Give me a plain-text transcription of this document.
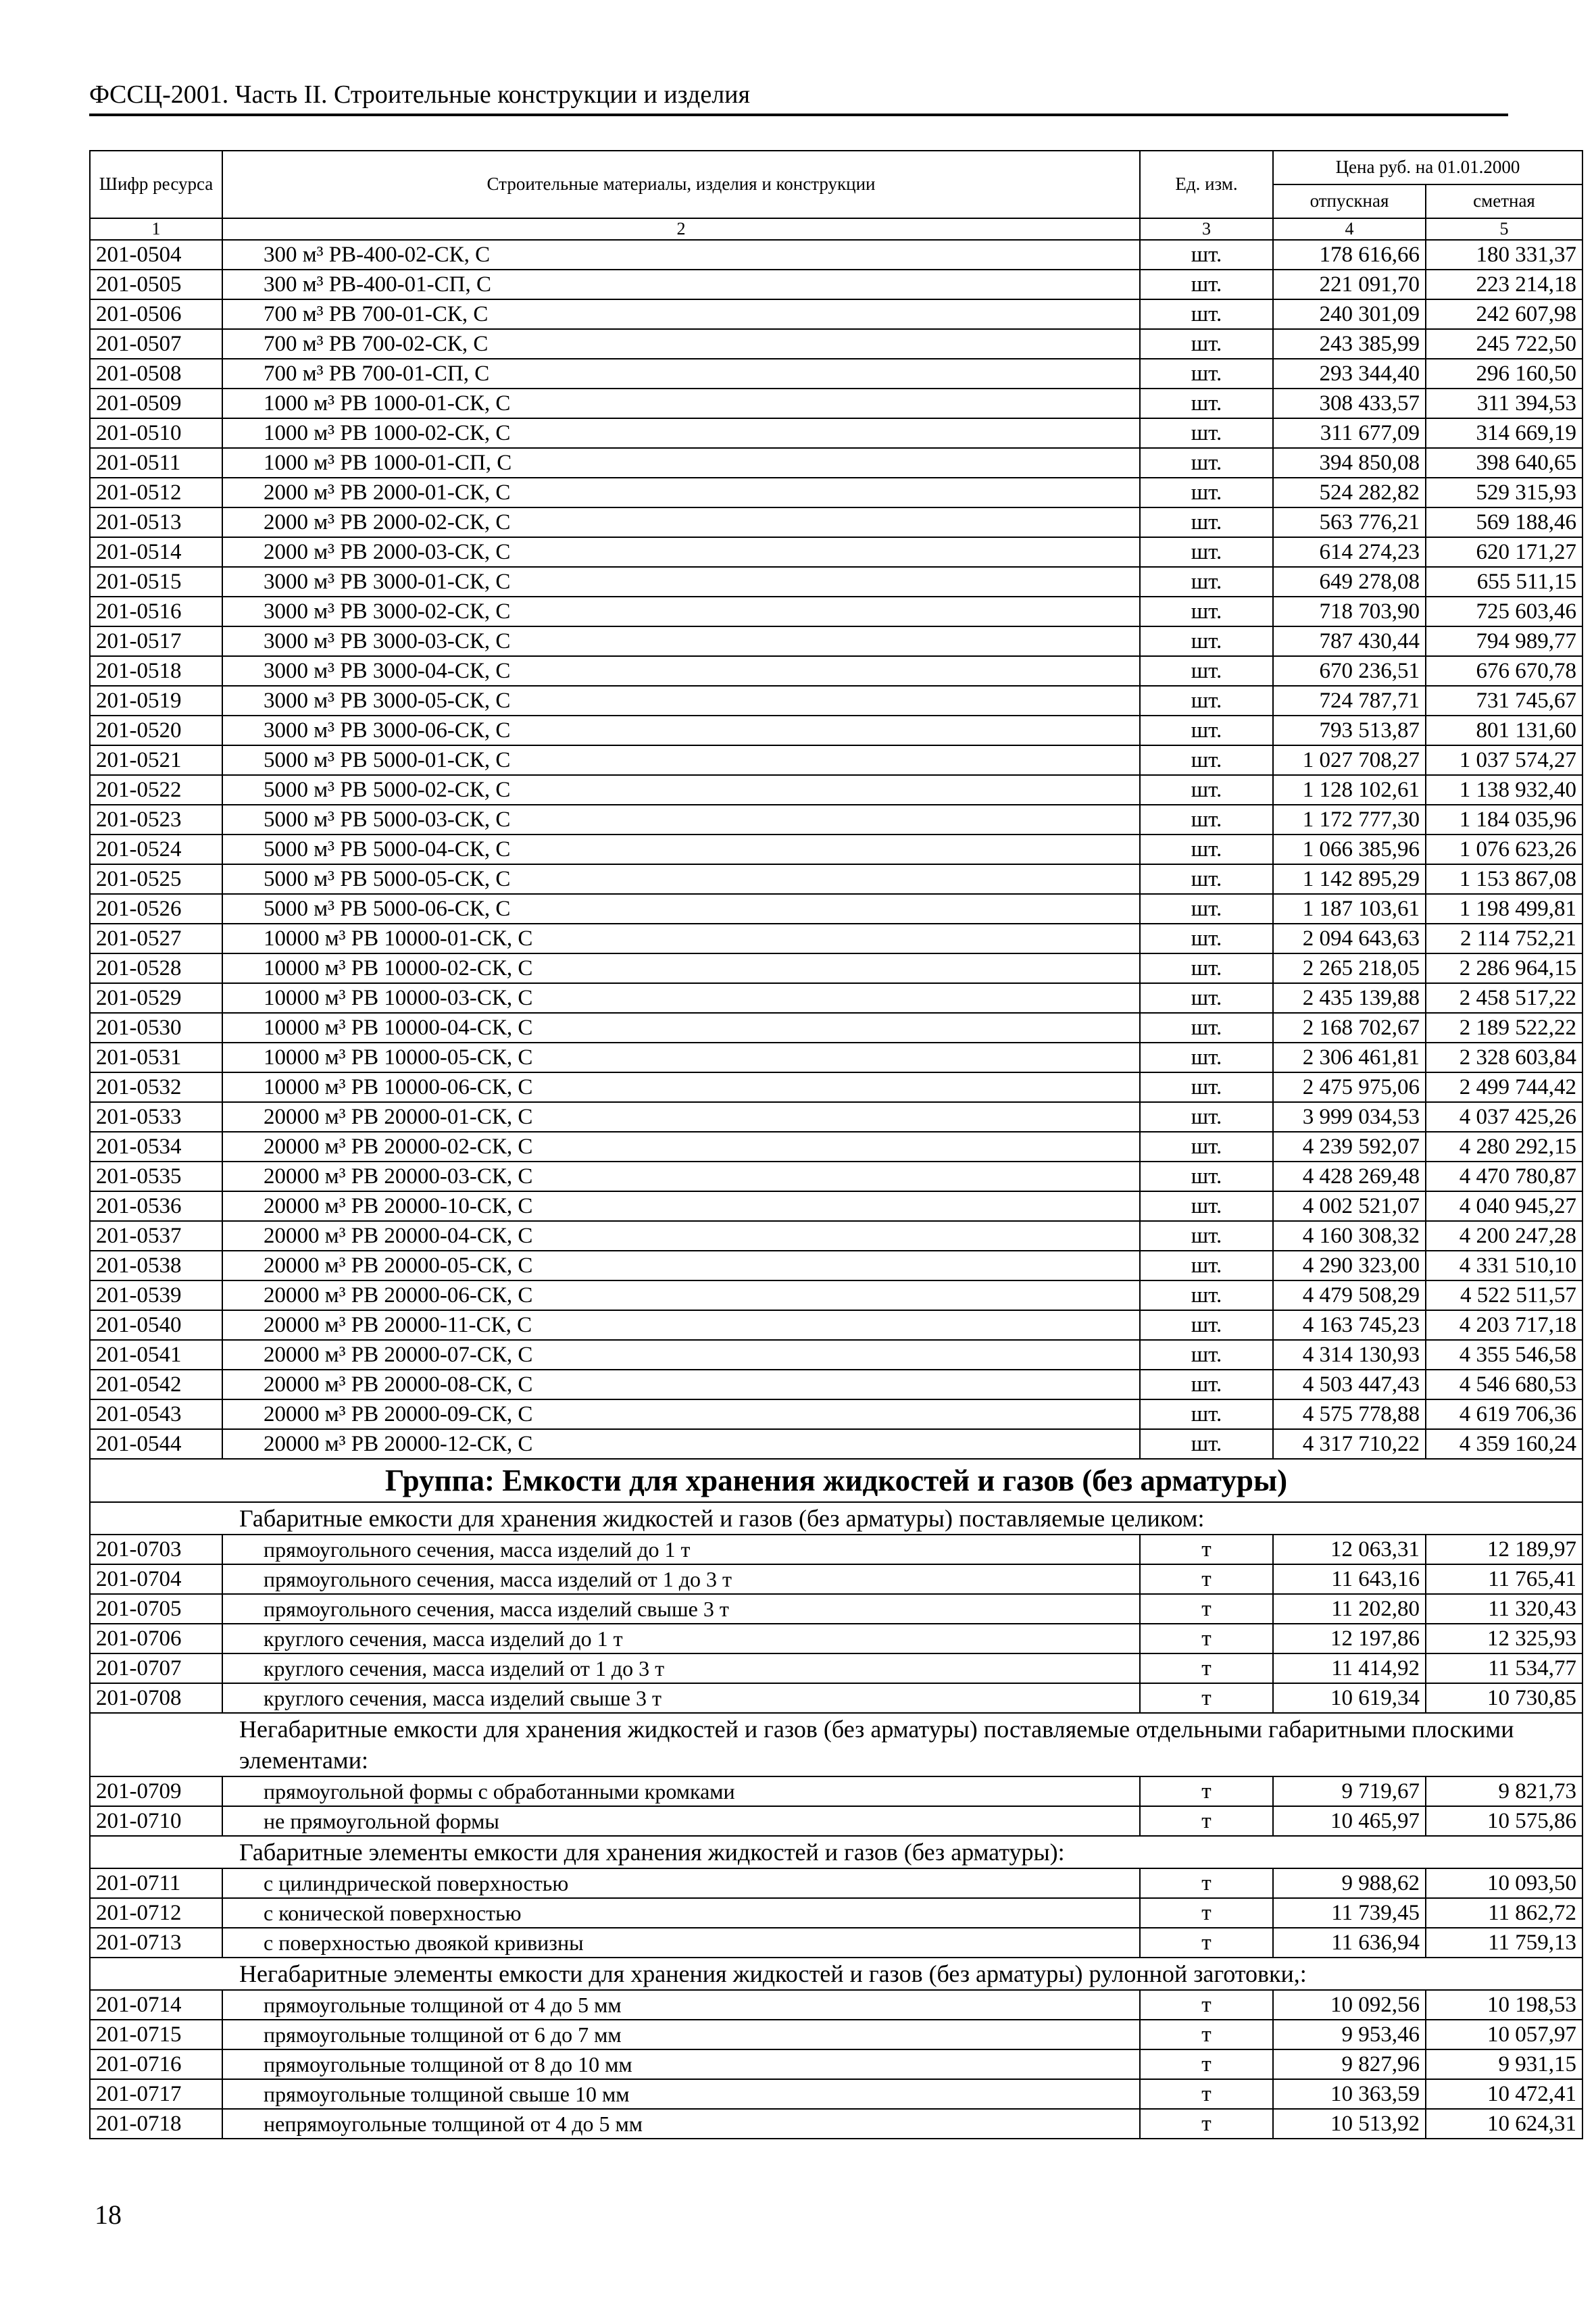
ФССЦ-2001. Часть II. Строительные конструкции и изделия
Шифр ресурса	Строительные материалы, изделия и конструкции	Ед. изм.	Цена руб. на 01.01.2000	
			отпускная	сметная
1	2	3	4	5
201-0504	300 м³ РВ-400-02-СК, С	шт.	178 616,66	180 331,37
201-0505	300 м³ РВ-400-01-СП, С	шт.	221 091,70	223 214,18
201-0506	700 м³ РВ 700-01-СК, С	шт.	240 301,09	242 607,98
201-0507	700 м³ РВ 700-02-СК, С	шт.	243 385,99	245 722,50
201-0508	700 м³ РВ 700-01-СП, С	шт.	293 344,40	296 160,50
201-0509	1000 м³ РВ 1000-01-СК, С	шт.	308 433,57	311 394,53
201-0510	1000 м³ РВ 1000-02-СК, С	шт.	311 677,09	314 669,19
201-0511	1000 м³ РВ 1000-01-СП, С	шт.	394 850,08	398 640,65
201-0512	2000 м³ РВ 2000-01-СК, С	шт.	524 282,82	529 315,93
201-0513	2000 м³ РВ 2000-02-СК, С	шт.	563 776,21	569 188,46
201-0514	2000 м³ РВ 2000-03-СК, С	шт.	614 274,23	620 171,27
201-0515	3000 м³ РВ 3000-01-СК, С	шт.	649 278,08	655 511,15
201-0516	3000 м³ РВ 3000-02-СК, С	шт.	718 703,90	725 603,46
201-0517	3000 м³ РВ 3000-03-СК, С	шт.	787 430,44	794 989,77
201-0518	3000 м³ РВ 3000-04-СК, С	шт.	670 236,51	676 670,78
201-0519	3000 м³ РВ 3000-05-СК, С	шт.	724 787,71	731 745,67
201-0520	3000 м³ РВ 3000-06-СК, С	шт.	793 513,87	801 131,60
201-0521	5000 м³ РВ 5000-01-СК, С	шт.	1 027 708,27	1 037 574,27
201-0522	5000 м³ РВ 5000-02-СК, С	шт.	1 128 102,61	1 138 932,40
201-0523	5000 м³ РВ 5000-03-СК, С	шт.	1 172 777,30	1 184 035,96
201-0524	5000 м³ РВ 5000-04-СК, С	шт.	1 066 385,96	1 076 623,26
201-0525	5000 м³ РВ 5000-05-СК, С	шт.	1 142 895,29	1 153 867,08
201-0526	5000 м³ РВ 5000-06-СК, С	шт.	1 187 103,61	1 198 499,81
201-0527	10000 м³ РВ 10000-01-СК, С	шт.	2 094 643,63	2 114 752,21
201-0528	10000 м³ РВ 10000-02-СК, С	шт.	2 265 218,05	2 286 964,15
201-0529	10000 м³ РВ 10000-03-СК, С	шт.	2 435 139,88	2 458 517,22
201-0530	10000 м³ РВ 10000-04-СК, С	шт.	2 168 702,67	2 189 522,22
201-0531	10000 м³ РВ 10000-05-СК, С	шт.	2 306 461,81	2 328 603,84
201-0532	10000 м³ РВ 10000-06-СК, С	шт.	2 475 975,06	2 499 744,42
201-0533	20000 м³ РВ 20000-01-СК, С	шт.	3 999 034,53	4 037 425,26
201-0534	20000 м³ РВ 20000-02-СК, С	шт.	4 239 592,07	4 280 292,15
201-0535	20000 м³ РВ 20000-03-СК, С	шт.	4 428 269,48	4 470 780,87
201-0536	20000 м³ РВ 20000-10-СК, С	шт.	4 002 521,07	4 040 945,27
201-0537	20000 м³ РВ 20000-04-СК, С	шт.	4 160 308,32	4 200 247,28
201-0538	20000 м³ РВ 20000-05-СК, С	шт.	4 290 323,00	4 331 510,10
201-0539	20000 м³ РВ 20000-06-СК, С	шт.	4 479 508,29	4 522 511,57
201-0540	20000 м³ РВ 20000-11-СК, С	шт.	4 163 745,23	4 203 717,18
201-0541	20000 м³ РВ 20000-07-СК, С	шт.	4 314 130,93	4 355 546,58
201-0542	20000 м³ РВ 20000-08-СК, С	шт.	4 503 447,43	4 546 680,53
201-0543	20000 м³ РВ 20000-09-СК, С	шт.	4 575 778,88	4 619 706,36
201-0544	20000 м³ РВ 20000-12-СК, С	шт.	4 317 710,22	4 359 160,24
Группа: Емкости для хранения жидкостей и газов (без арматуры)				
Габаритные емкости для хранения жидкостей и газов (без арматуры) поставляемые целиком:				
201-0703	прямоугольного сечения, масса изделий до 1 т	т	12 063,31	12 189,97
201-0704	прямоугольного сечения, масса изделий от 1 до 3 т	т	11 643,16	11 765,41
201-0705	прямоугольного сечения, масса изделий свыше 3 т	т	11 202,80	11 320,43
201-0706	круглого сечения, масса изделий до 1 т	т	12 197,86	12 325,93
201-0707	круглого сечения, масса изделий от 1 до 3 т	т	11 414,92	11 534,77
201-0708	круглого сечения, масса изделий свыше 3 т	т	10 619,34	10 730,85
Негабаритные емкости для хранения жидкостей и газов (без арматуры) поставляемые отдельными габаритными плоскими элементами:				
201-0709	прямоугольной формы с обработанными кромками	т	9 719,67	9 821,73
201-0710	не прямоугольной формы	т	10 465,97	10 575,86
Габаритные элементы емкости для хранения жидкостей и газов (без арматуры):				
201-0711	с цилиндрической поверхностью	т	9 988,62	10 093,50
201-0712	с конической поверхностью	т	11 739,45	11 862,72
201-0713	с поверхностью двоякой кривизны	т	11 636,94	11 759,13
Негабаритные элементы емкости для хранения жидкостей и газов (без арматуры) рулонной заготовки,:				
201-0714	прямоугольные толщиной от 4 до 5 мм	т	10 092,56	10 198,53
201-0715	прямоугольные толщиной от 6 до 7 мм	т	9 953,46	10 057,97
201-0716	прямоугольные толщиной от 8 до 10 мм	т	9 827,96	9 931,15
201-0717	прямоугольные толщиной свыше 10 мм	т	10 363,59	10 472,41
201-0718	непрямоугольные толщиной от 4 до 5 мм	т	10 513,92	10 624,31
18
